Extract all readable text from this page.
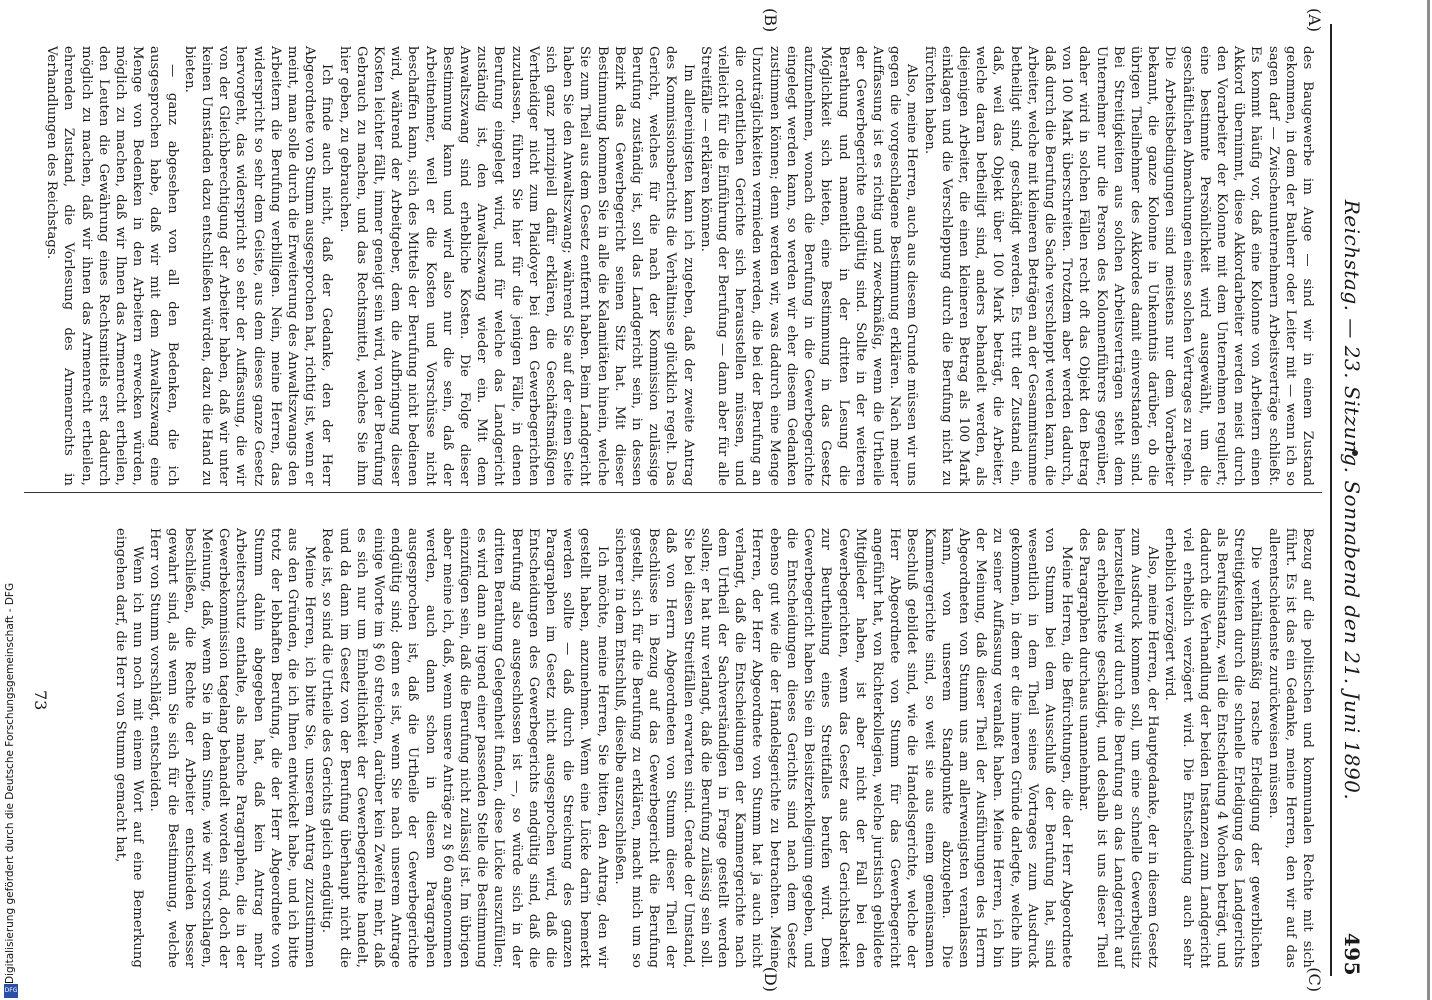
Reichstag. — 23. Sitzung. Sonnabend den 21. Juni 1890.
495
(A)
(B)
(C)
(D)

des Baugewerbe im Auge — sind wir in einem Zustand gekommen, in dem der Bauherr oder Leiter mit — wenn ich so sagen darf — Zwischenunternehmern Arbeitsverträge schließt. Es kommt häufig vor, daß eine Kolonne von Arbeitern einen Akkord übernimmt, diese Akkordarbeiter werden meist durch den Vorarbeiter der Kolonne mit dem Unternehmen reguliert; eine bestimmte Persönlichkeit wird ausgewählt, um die geschäftlichen Abmachungen eines solchen Vertrages zu regeln. Die Arbeitsbedingungen sind meistens nur dem Vorarbeiter bekannt, die ganze Kolonne in Unkenntnis darüber, ob die übrigen Theilnehmer des Akkordes damit einverstanden sind. Bei Streitigkeiten aus solchen Arbeitsverträgen steht dem Unternehmer nur die Person des Kolonnenführers gegenüber, daher wird in solchen Fällen recht oft das Objekt den Betrag von 100 Mark überschreiten. Trotzdem aber werden dadurch, daß durch die Berufung die Sache verschleppt werden kann, die Arbeiter, welche mit kleineren Beträgen an der Gesammtsumme betheiligt sind, geschädigt werden. Es tritt der Zustand ein, daß, weil das Objekt über 100 Mark beträgt, die Arbeiter, welche daran betheiligt sind, anders behandelt werden, als diejenigen Arbeiter, die einen kleineren Betrag als 100 Mark einklagen und die Verschleppung durch die Berufung nicht zu fürchten haben.

Also, meine Herren, auch aus diesem Grunde müssen wir uns gegen die vorgeschlagene Bestimmung erklären. Nach meiner Auffassung ist es richtig und zweckmäßig, wenn die Urtheile der Gewerbegerichte endgültig sind. Sollte in der weiteren Berathung und namentlich in der dritten Lesung die Möglichkeit sich bieten, eine Bestimmung in das Gesetz aufzunehmen, wonach die Berufung in die Gewerbegerichte eingelegt werden kann, so werden wir eher diesem Gedanken zustimmen können; denn werden wir, was dadurch eine Menge Unzuträglichkeiten vermieden werden, die bei der Berufung an die ordentlichen Gerichte sich herausstellen müssen, und vielleicht für die Einführung der Berufung — dann aber für alle Streitfälle — erklären können.

Im allereinigsten kann ich zugeben, daß der zweite Antrag des Kommissionsberichts die Verhältnisse glücklich regelt. Das Gericht, welches für die nach der Kommission zulässige Berufung zuständig ist, soll das Landgericht sein, in dessen Bezirk das Gewerbegericht seinen Sitz hat. Mit dieser Bestimmung kommen Sie in alle die Kalamitäten hinein, welche Sie zum Theil aus dem Gesetz entfernt haben. Beim Landgericht haben Sie den Anwaltszwang; während Sie auf der einen Seite sich ganz prinzipiell dafür erklären, die Geschäftsmäßigen Vertheidiger nicht zum Plaidoyer bei den Gewerbegerichten zuzulassen, führen Sie hier für die jenigen Fälle, in denen Berufung eingelegt wird, und für welche das Landgericht zuständig ist, den Anwaltszwang wieder ein. Mit dem Anwaltszwang sind erhebliche Kosten. Die Folge dieser Bestimmung kann und wird also nur die sein, daß der Arbeitnehmer, weil er die Kosten und Vorschüsse nicht beschaffen kann, sich des Mittels der Berufung nicht bedienen wird, während der Arbeitgeber, dem die Aufbringung dieser Kosten leichter fällt, immer geneigt sein wird, von der Berufung Gebrauch zu machen, und das Rechtsmittel, welches Sie ihm hier geben, zu gebrauchen.

Ich finde auch nicht, daß der Gedanke, den der Herr Abgeordnete von Stumm ausgesprochen hat, richtig ist, wenn er meint, man solle durch die Erweiterung des Anwaltszwangs den Arbeitern die Berufung verbilligen. Nein, meine Herren, das widerspricht so sehr dem Geiste, aus dem dieses ganze Gesetz hervorgeht, das widerspricht so sehr der Auffassung, die wir von der Gleichberechtigung der Arbeiter haben, daß wir unter keinen Umständen dazu entschließen würden, dazu die Hand zu bieten.

— ganz abgesehen von all den Bedenken, die ich ausgesprochen habe, daß wir mit dem Anwaltszwang eine Menge von Bedenken in den Arbeitern erwecken würden, möglich zu machen, daß wir Ihnen das Armenrecht ertheilen, den Leuten die Gewährung eines Rechtsmittels erst dadurch möglich zu machen, daß wir ihnen das Armenrecht ertheilen, ehrenden Zustand, die Vorlesung des Armenrechts in Verhandlungen des Reichstags.

Bezug auf die politischen und kommunalen Rechte mit sich führt. Es ist das ein Gedanke, meine Herren, den wir auf das allerentschiedenste zurückweisen müssen.

Die verhältnismäßig rasche Erledigung der gewerblichen Streitigkeiten durch die schnelle Erledigung des Landgerichts als Berufsinstanz, weil die Entscheidung 4 Wochen beträgt, und dadurch die Verhandlung der beiden Instanzen zum Landgericht viel erheblich verzögert wird. Die Entscheidung auch sehr erheblich verzögert wird.

Also, meine Herren, der Hauptgedanke, der in diesem Gesetz zum Ausdruck kommen soll, um eine schnelle Gewerbejustiz herzustellen, wird durch die Berufung an das Landgericht auf das erheblichste geschädigt, und deshalb ist uns dieser Theil des Paragraphen durchaus unannehmbar.

Meine Herren, die Befürchtungen, die der Herr Abgeordnete von Stumm bei dem Ausschluß der Berufung hat, sind wesentlich in dem Theil seines Vortrages zum Ausdruck gekommen, in dem er die inneren Gründe darlegte, welche ihn zu seiner Auffassung veranlaßt haben. Meine Herren, ich bin der Meinung, daß dieser Theil der Ausführungen des Herrn Abgeordneten von Stumm uns am allerwenigsten veranlassen kann, von unserem Standpunkte abzugehen. Die Kammergerichte sind, so weit sie aus einem gemeinsamen Beschluß gebildet sind, wie die Handelsgerichte, welche der Herr Abgeordnete von Stumm für das Gewerbegericht angeführt hat, von Richterkollegien, welche juristisch gebildete Mitglieder haben, ist aber nicht der Fall bei den Gewerbegerichten, wenn das Gesetz aus der Gerichtsbarkeit zur Beurtheilung eines Streitfalles berufen wird. Dem Gewerbegericht haben Sie ein Beisitzerkollegium gegeben, und die Entscheidungen dieses Gerichts sind nach dem Gesetz ebenso gut wie die der Handelsgerichte zu betrachten. Meine Herren, der Herr Abgeordnete von Stumm hat ja auch nicht verlangt, daß die Entscheidungen der Kammergerichte nach dem Urtheil der Sachverständigen in Frage gestellt werden sollen; er hat nur verlangt, daß die Berufung zulässig sein soll. Sie bei diesen Streitfällen erwarten sind. Gerade der Umstand, daß von Herrn Abgeordneten von Stumm dieser Theil der Beschlüsse in Bezug auf das Gewerbegericht die Berufung gestellt, sich für die Berufung zu erklären, macht mich um so sicherer in dem Entschluß, dieselbe auszuschließen.

Ich möchte, meine Herren, Sie bitten, den Antrag, den wir gestellt haben, anzunehmen. Wenn eine Lücke darin bemerkt werden sollte — daß durch die Streichung des ganzen Paragraphen im Gesetz nicht ausgesprochen wird, daß die Entscheidungen des Gewerbegerichts endgültig sind, daß die Berufung also ausgeschlossen ist —, so würde sich in der dritten Berathung Gelegenheit finden, diese Lücke auszufüllen; es wird dann an irgend einer passenden Stelle die Bestimmung einzufügen sein, daß die Berufung nicht zulässig ist. Im übrigen aber meine ich, daß, wenn unsere Anträge zu § 60 angenommen werden, auch dann schon in diesem Paragraphen ausgesprochen ist, daß die Urtheile der Gewerbegerichte endgültig sind; denn es ist, wenn Sie nach unserem Antrage einige Worte im § 60 streichen, darüber kein Zweifel mehr, daß es sich nur um Einheitlichkeit der Gewerbegerichte handelt, und da dann im Gesetz von der Berufung überhaupt nicht die Rede ist, so sind die Urtheile des Gerichts gleich endgültig.

Meine Herren, ich bitte Sie, unserem Antrag zuzustimmen aus den Gründen, die ich Ihnen entwickelt habe, und ich bitte trotz der lebhaften Berufung, die der Herr Abgeordnete von Stumm dahin abgegeben hat, daß kein Antrag mehr Arbeiterschutz enthalte, als manche Paragraphen, die in der Gewerbekommission tagelang behandelt worden sind, doch der Meinung, daß, wenn Sie in dem Sinne, wie wir vorschlagen, beschließen, die Rechte der Arbeiter entschieden besser gewahrt sind, als wenn Sie sich für die Bestimmung, welche Herr von Stumm vorschlägt, entscheiden.

Wenn ich nun noch mit einem Wort auf eine Bemerkung eingehen darf, die Herr von Stumm gemacht hat,

73
Digitalisierung gefördert durch die Deutsche Forschungsgemeinschaft - DFG
DFG
